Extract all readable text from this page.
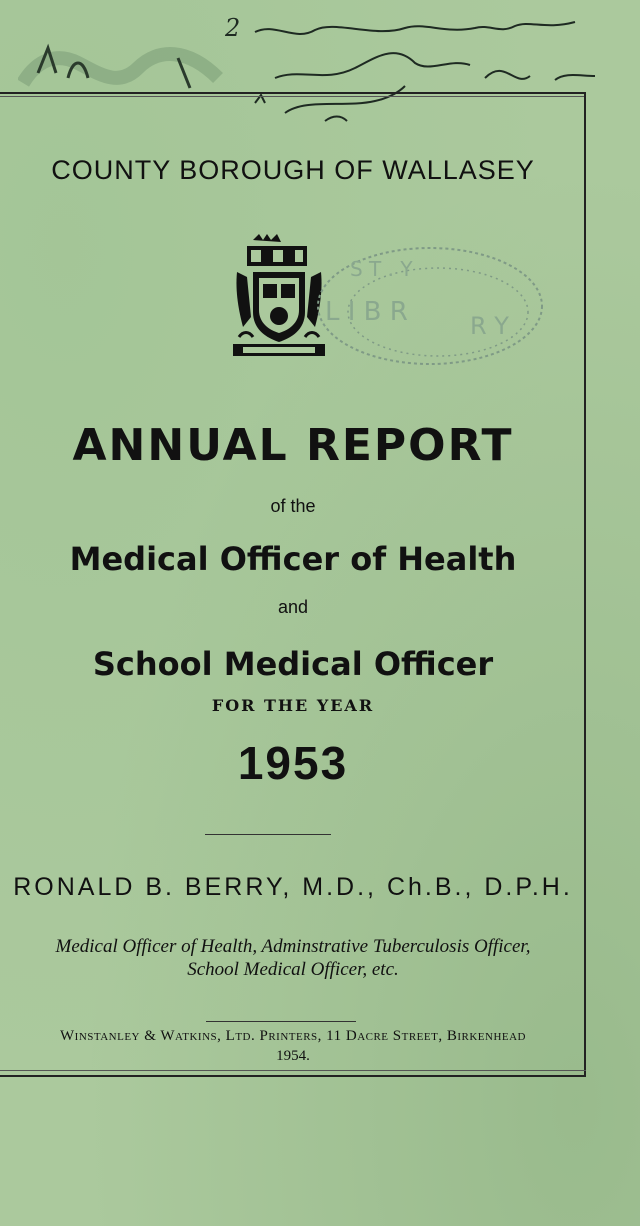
2
COUNTY BOROUGH OF WALLASEY
S T . Y
L I B R	R Y
ANNUAL REPORT
of the
Medical Officer of Health
and
School Medical Officer
FOR THE YEAR
1953
RONALD B. BERRY, M.D., Ch.B., D.P.H.
Medical Officer of Health, Adminstrative Tuberculosis Officer,
School Medical Officer, etc.
Winstanley & Watkins, Ltd. Printers, 11 Dacre Street, Birkenhead
1954.
